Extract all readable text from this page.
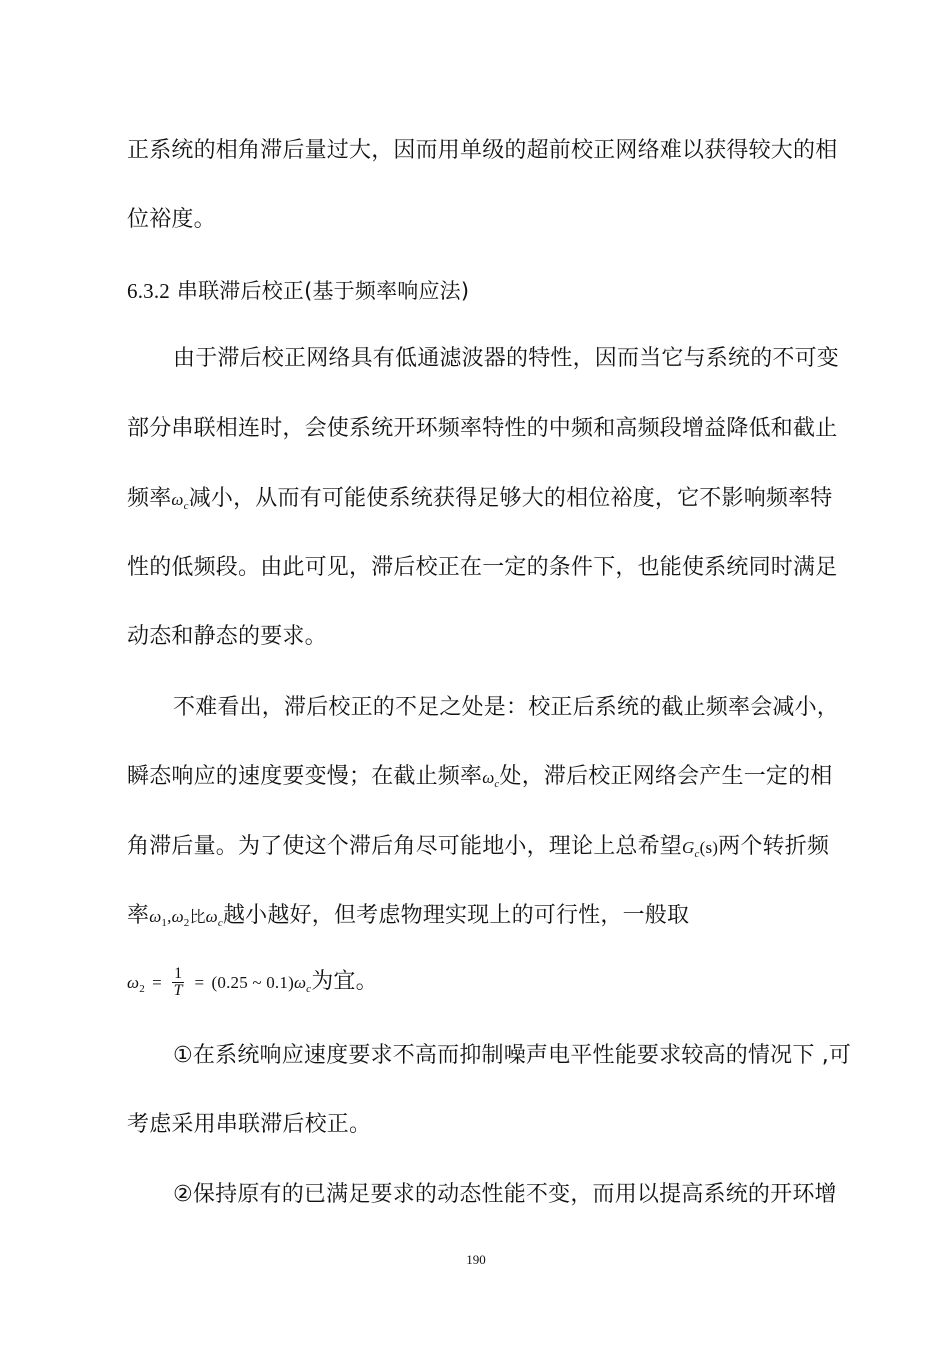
正系统的相角滞后量过大，因而用单级的超前校正网络难以获得较大的相
位裕度。
6.3.2 串联滞后校正(基于频率响应法)
由于滞后校正网络具有低通滤波器的特性，因而当它与系统的不可变
部分串联相连时，会使系统开环频率特性的中频和高频段增益降低和截止
频率$\omega_c$减小，从而有可能使系统获得足够大的相位裕度，它不影响频率特
性的低频段。由此可见，滞后校正在一定的条件下，也能使系统同时满足
动态和静态的要求。
不难看出，滞后校正的不足之处是：校正后系统的截止频率会减小，
瞬态响应的速度要变慢；在截止频率$\omega_c$处，滞后校正网络会产生一定的相
角滞后量。为了使这个滞后角尽可能地小，理论上总希望$G_c(s)$两个转折频
率$\omega_1,\omega_2$比$\omega_c$越小越好，但考虑物理实现上的可行性，一般取
$\omega_2 = \frac{1}{T} = (0.25$ ~ $0.1)\omega_c$为宜。
①在系统响应速度要求不高而抑制噪声电平性能要求较高的情况下 ,可
考虑采用串联滞后校正。
②保持原有的已满足要求的动态性能不变，而用以提高系统的开环增
190
